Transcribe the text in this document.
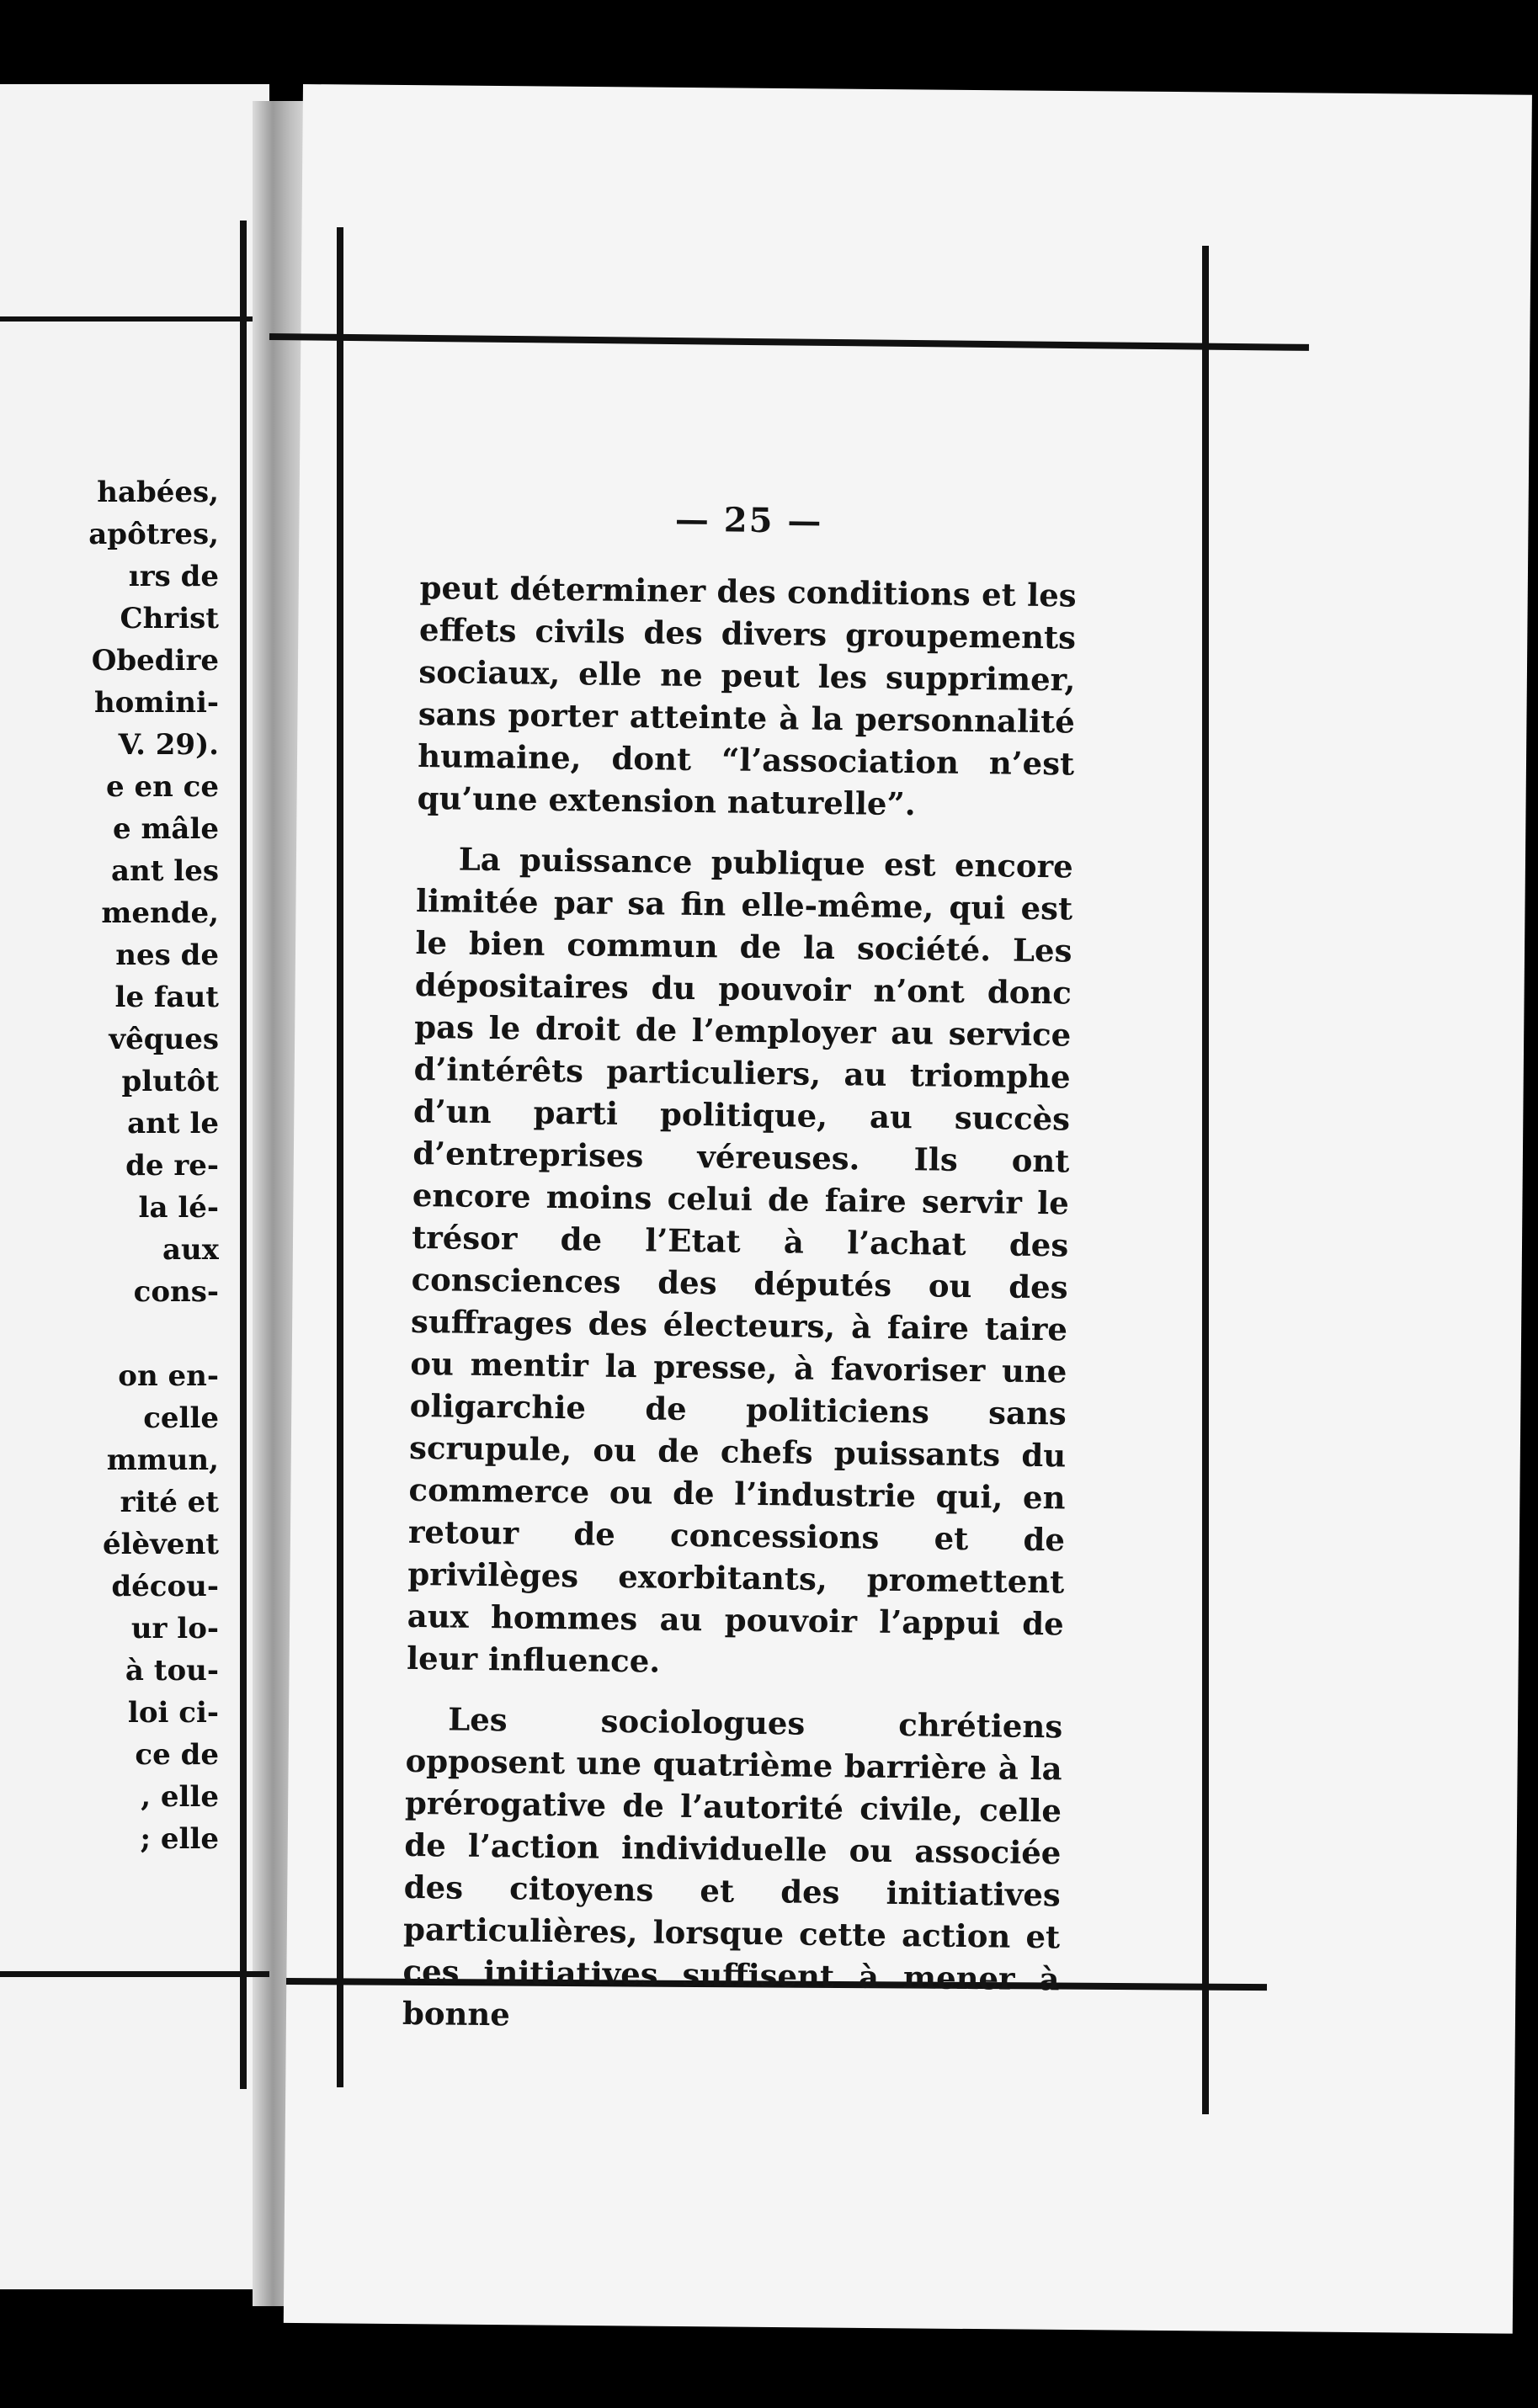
habées,
apôtres,
ırs de
Christ
Obedire
homini-
V. 29).
e en ce
e mâle
ant les
mende,
nes de
le faut
vêques
plutôt
ant le
de re-
la lé-
aux
cons-
on en-
celle
mmun,
rité et
élèvent
décou-
ur lo-
à tou-
loi ci-
ce de
, elle
; elle
— 25 —

peut déterminer des conditions et les effets civils des divers groupements sociaux, elle ne peut les supprimer, sans porter atteinte à la personnalité humaine, dont “l’association n’est qu’une extension naturelle”.

La puissance publique est encore limitée par sa fin elle-même, qui est le bien commun de la société. Les dépositaires du pouvoir n’ont donc pas le droit de l’employer au service d’intérêts particuliers, au triomphe d’un parti politique, au succès d’entreprises véreuses. Ils ont encore moins celui de faire servir le trésor de l’Etat à l’achat des consciences des députés ou des suffrages des électeurs, à faire taire ou mentir la presse, à favoriser une oligarchie de politiciens sans scrupule, ou de chefs puissants du commerce ou de l’industrie qui, en retour de concessions et de privilèges exorbitants, promettent aux hommes au pouvoir l’appui de leur influence.

Les sociologues chrétiens opposent une quatrième barrière à la prérogative de l’autorité civile, celle de l’action individuelle ou associée des citoyens et des initiatives particulières, lorsque cette action et ces initiatives suffisent à mener à bonne
